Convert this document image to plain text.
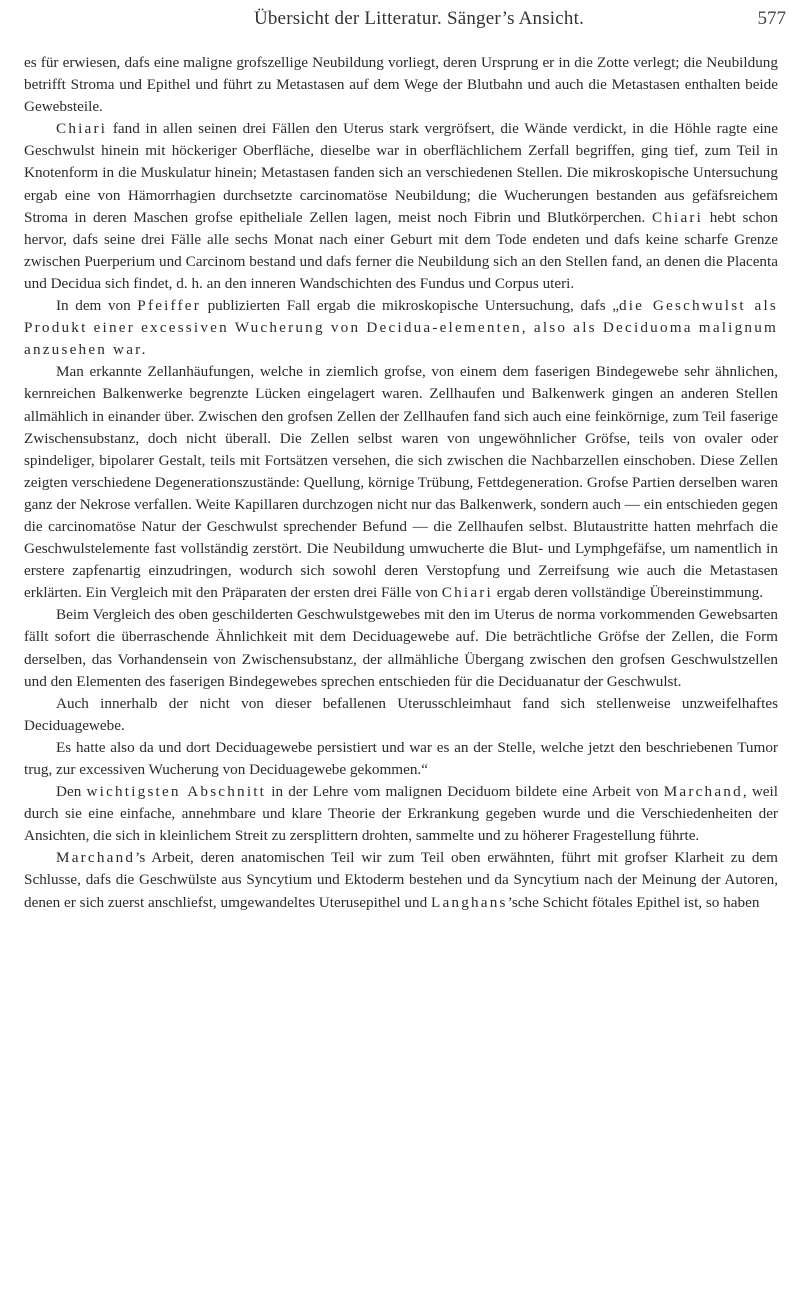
Übersicht der Litteratur. Sänger’s Ansicht.	577

es für erwiesen, dafs eine maligne grofszellige Neubildung vorliegt, deren Ursprung er in die Zotte verlegt; die Neubildung betrifft Stroma und Epithel und führt zu Metastasen auf dem Wege der Blutbahn und auch die Metastasen enthalten beide Gewebsteile.

Chiari fand in allen seinen drei Fällen den Uterus stark vergröfsert, die Wände verdickt, in die Höhle ragte eine Geschwulst hinein mit höckeriger Oberfläche, dieselbe war in oberflächlichem Zerfall begriffen, ging tief, zum Teil in Knotenform in die Muskulatur hinein; Metastasen fanden sich an verschiedenen Stellen. Die mikroskopische Untersuchung ergab eine von Hämorrhagien durchsetzte carcinomatöse Neubildung; die Wucherungen bestanden aus gefäfsreichem Stroma in deren Maschen grofse epitheliale Zellen lagen, meist noch Fibrin und Blutkörperchen. Chiari hebt schon hervor, dafs seine drei Fälle alle sechs Monat nach einer Geburt mit dem Tode endeten und dafs keine scharfe Grenze zwischen Puerperium und Carcinom bestand und dafs ferner die Neubildung sich an den Stellen fand, an denen die Placenta und Decidua sich findet, d. h. an den inneren Wandschichten des Fundus und Corpus uteri.

In dem von Pfeiffer publizierten Fall ergab die mikroskopische Untersuchung, dafs „die Geschwulst als Produkt einer excessiven Wucherung von Decidua-elementen, also als Deciduoma malignum anzusehen war.

Man erkannte Zellanhäufungen, welche in ziemlich grofse, von einem dem faserigen Bindegewebe sehr ähnlichen, kernreichen Balkenwerke begrenzte Lücken eingelagert waren. Zellhaufen und Balkenwerk gingen an anderen Stellen allmählich in einander über. Zwischen den grofsen Zellen der Zellhaufen fand sich auch eine feinkörnige, zum Teil faserige Zwischensubstanz, doch nicht überall. Die Zellen selbst waren von ungewöhnlicher Gröfse, teils von ovaler oder spindeliger, bipolarer Gestalt, teils mit Fortsätzen versehen, die sich zwischen die Nachbarzellen einschoben. Diese Zellen zeigten verschiedene Degenerationszustände: Quellung, körnige Trübung, Fettdegeneration. Grofse Partien derselben waren ganz der Nekrose verfallen. Weite Kapillaren durchzogen nicht nur das Balkenwerk, sondern auch — ein entschieden gegen die carcinomatöse Natur der Geschwulst sprechender Befund — die Zellhaufen selbst. Blutaustritte hatten mehrfach die Geschwulstelemente fast vollständig zerstört. Die Neubildung umwucherte die Blut- und Lymphgefäfse, um namentlich in erstere zapfenartig einzudringen, wodurch sich sowohl deren Verstopfung und Zerreifsung wie auch die Metastasen erklärten. Ein Vergleich mit den Präparaten der ersten drei Fälle von Chiari ergab deren vollständige Übereinstimmung.

Beim Vergleich des oben geschilderten Geschwulstgewebes mit den im Uterus de norma vorkommenden Gewebsarten fällt sofort die überraschende Ähnlichkeit mit dem Deciduagewebe auf. Die beträchtliche Gröfse der Zellen, die Form derselben, das Vorhandensein von Zwischensubstanz, der allmähliche Übergang zwischen den grofsen Geschwulstzellen und den Elementen des faserigen Bindegewebes sprechen entschieden für die Deciduanatur der Geschwulst.

Auch innerhalb der nicht von dieser befallenen Uterusschleimhaut fand sich stellenweise unzweifelhaftes Deciduagewebe.

Es hatte also da und dort Deciduagewebe persistiert und war es an der Stelle, welche jetzt den beschriebenen Tumor trug, zur excessiven Wucherung von Deciduagewebe gekommen.“

Den wichtigsten Abschnitt in der Lehre vom malignen Deciduom bildete eine Arbeit von Marchand, weil durch sie eine einfache, annehmbare und klare Theorie der Erkrankung gegeben wurde und die Verschiedenheiten der Ansichten, die sich in kleinlichem Streit zu zersplittern drohten, sammelte und zu höherer Fragestellung führte.

Marchand’s Arbeit, deren anatomischen Teil wir zum Teil oben erwähnten, führt mit grofser Klarheit zu dem Schlusse, dafs die Geschwülste aus Syncytium und Ektoderm bestehen und da Syncytium nach der Meinung der Autoren, denen er sich zuerst anschliefst, umgewandeltes Uterusepithel und Langhans’sche Schicht fötales Epithel ist, so haben
